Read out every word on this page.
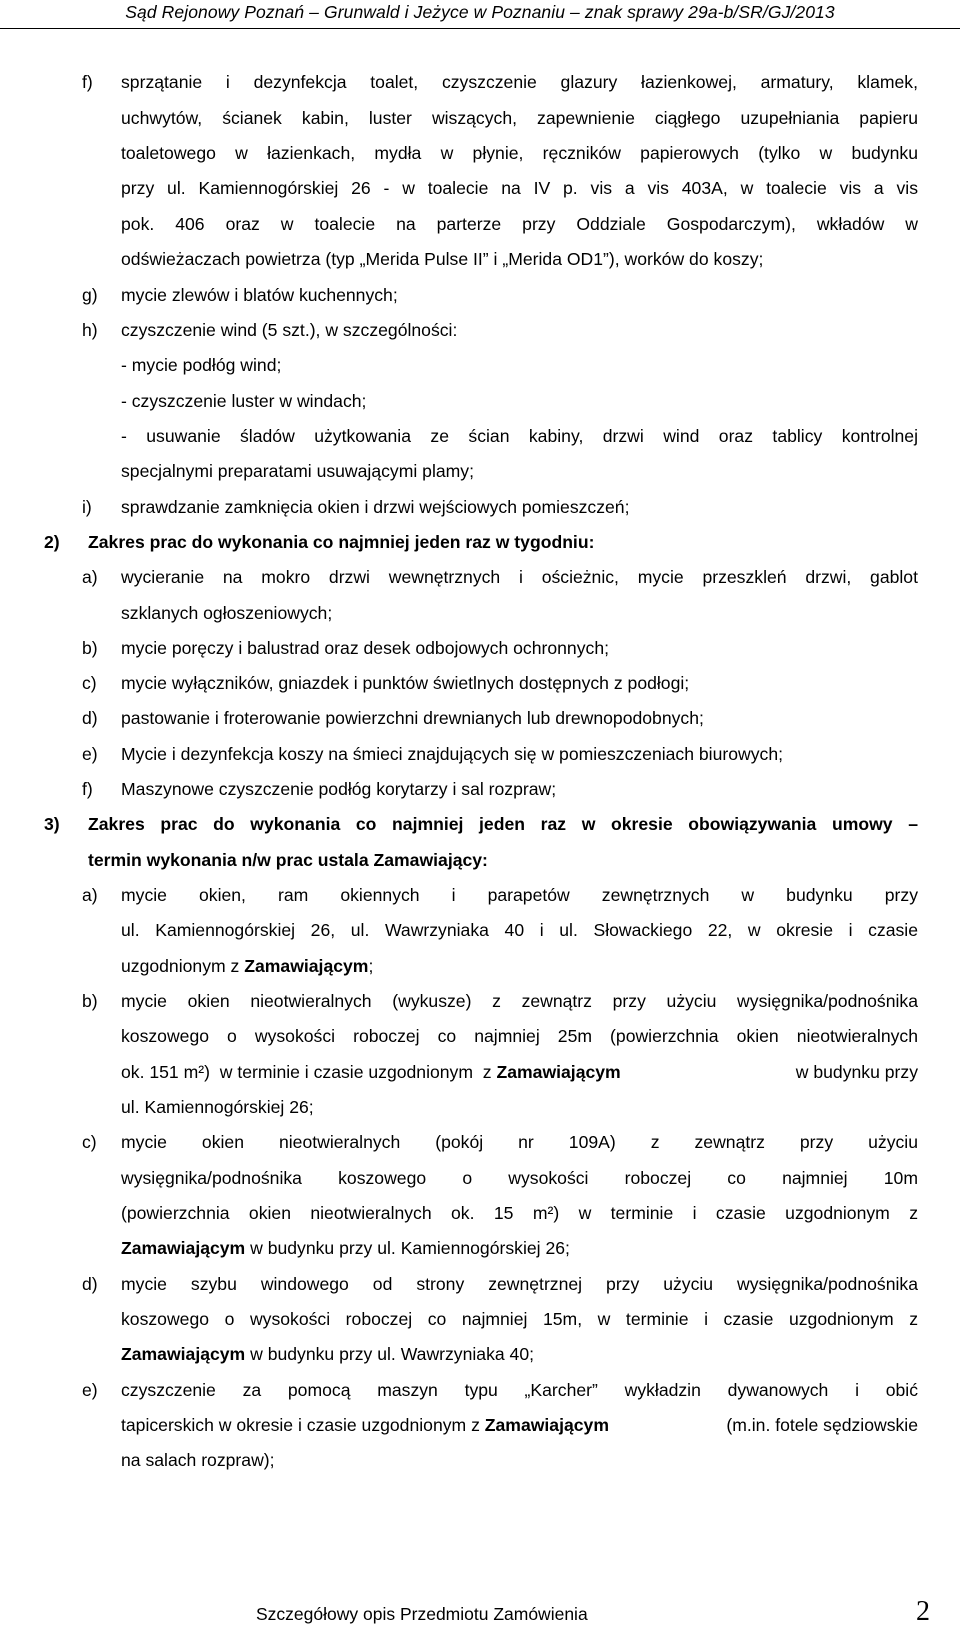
Sąd Rejonowy Poznań – Grunwald i Jeżyce w Poznaniu – znak sprawy 29a-b/SR/GJ/2013
f) sprzątanie i dezynfekcja toalet, czyszczenie glazury łazienkowej, armatury, klamek,
uchwytów, ścianek kabin, luster wiszących, zapewnienie ciągłego uzupełniania papieru
toaletowego w łazienkach, mydła w płynie, ręczników papierowych (tylko w budynku
przy ul. Kamiennogórskiej 26 - w toalecie na IV p. vis a vis 403A, w toalecie vis a vis
pok. 406 oraz w toalecie na parterze przy Oddziale Gospodarczym), wkładów w
odświeżaczach powietrza (typ „Merida Pulse II” i „Merida OD1”), worków do koszy;
g) mycie zlewów i blatów kuchennych;
h) czyszczenie wind (5 szt.), w szczególności:
- mycie podłóg wind;
- czyszczenie luster w windach;
- usuwanie śladów użytkowania ze ścian kabiny, drzwi wind oraz tablicy kontrolnej
specjalnymi preparatami usuwającymi plamy;
i) sprawdzanie zamknięcia okien i drzwi wejściowych pomieszczeń;
2) Zakres prac do wykonania co najmniej jeden raz w tygodniu:
a) wycieranie na mokro drzwi wewnętrznych i ościeżnic, mycie przeszkleń drzwi, gablot
szklanych ogłoszeniowych;
b) mycie poręczy i balustrad oraz desek odbojowych ochronnych;
c) mycie wyłączników, gniazdek i punktów świetlnych dostępnych z podłogi;
d) pastowanie i froterowanie powierzchni drewnianych lub drewnopodobnych;
e) Mycie i dezynfekcja koszy na śmieci znajdujących się w pomieszczeniach biurowych;
f) Maszynowe czyszczenie podłóg korytarzy i sal rozpraw;
3) Zakres prac do wykonania co najmniej jeden raz w okresie obowiązywania umowy –
termin wykonania n/w prac ustala Zamawiający:
a) mycie okien, ram okiennych i parapetów zewnętrznych w budynku przy
ul. Kamiennogórskiej 26, ul. Wawrzyniaka 40 i ul. Słowackiego 22, w okresie i czasie
uzgodnionym z Zamawiającym;
b) mycie okien nieotwieralnych (wykusze) z zewnątrz przy użyciu wysięgnika/podnośnika
koszowego o wysokości roboczej co najmniej 25m (powierzchnia okien nieotwieralnych
ok. 151 m²)  w terminie i czasie uzgodnionym  z Zamawiającym	w budynku przy
ul. Kamiennogórskiej 26;
c) mycie okien nieotwieralnych (pokój nr 109A) z zewnątrz przy użyciu
wysięgnika/podnośnika koszowego o wysokości roboczej co najmniej 10m
(powierzchnia okien nieotwieralnych ok. 15 m²) w terminie i czasie uzgodnionym z
Zamawiającym w budynku przy ul. Kamiennogórskiej 26;
d) mycie szybu windowego od strony zewnętrznej przy użyciu wysięgnika/podnośnika
koszowego o wysokości roboczej co najmniej 15m, w terminie i czasie uzgodnionym z
Zamawiającym w budynku przy ul. Wawrzyniaka 40;
e) czyszczenie za pomocą maszyn typu „Karcher” wykładzin dywanowych i obić
tapicerskich w okresie i czasie uzgodnionym z Zamawiającym	(m.in. fotele sędziowskie
na salach rozpraw);
Szczegółowy opis Przedmiotu Zamówienia	2
